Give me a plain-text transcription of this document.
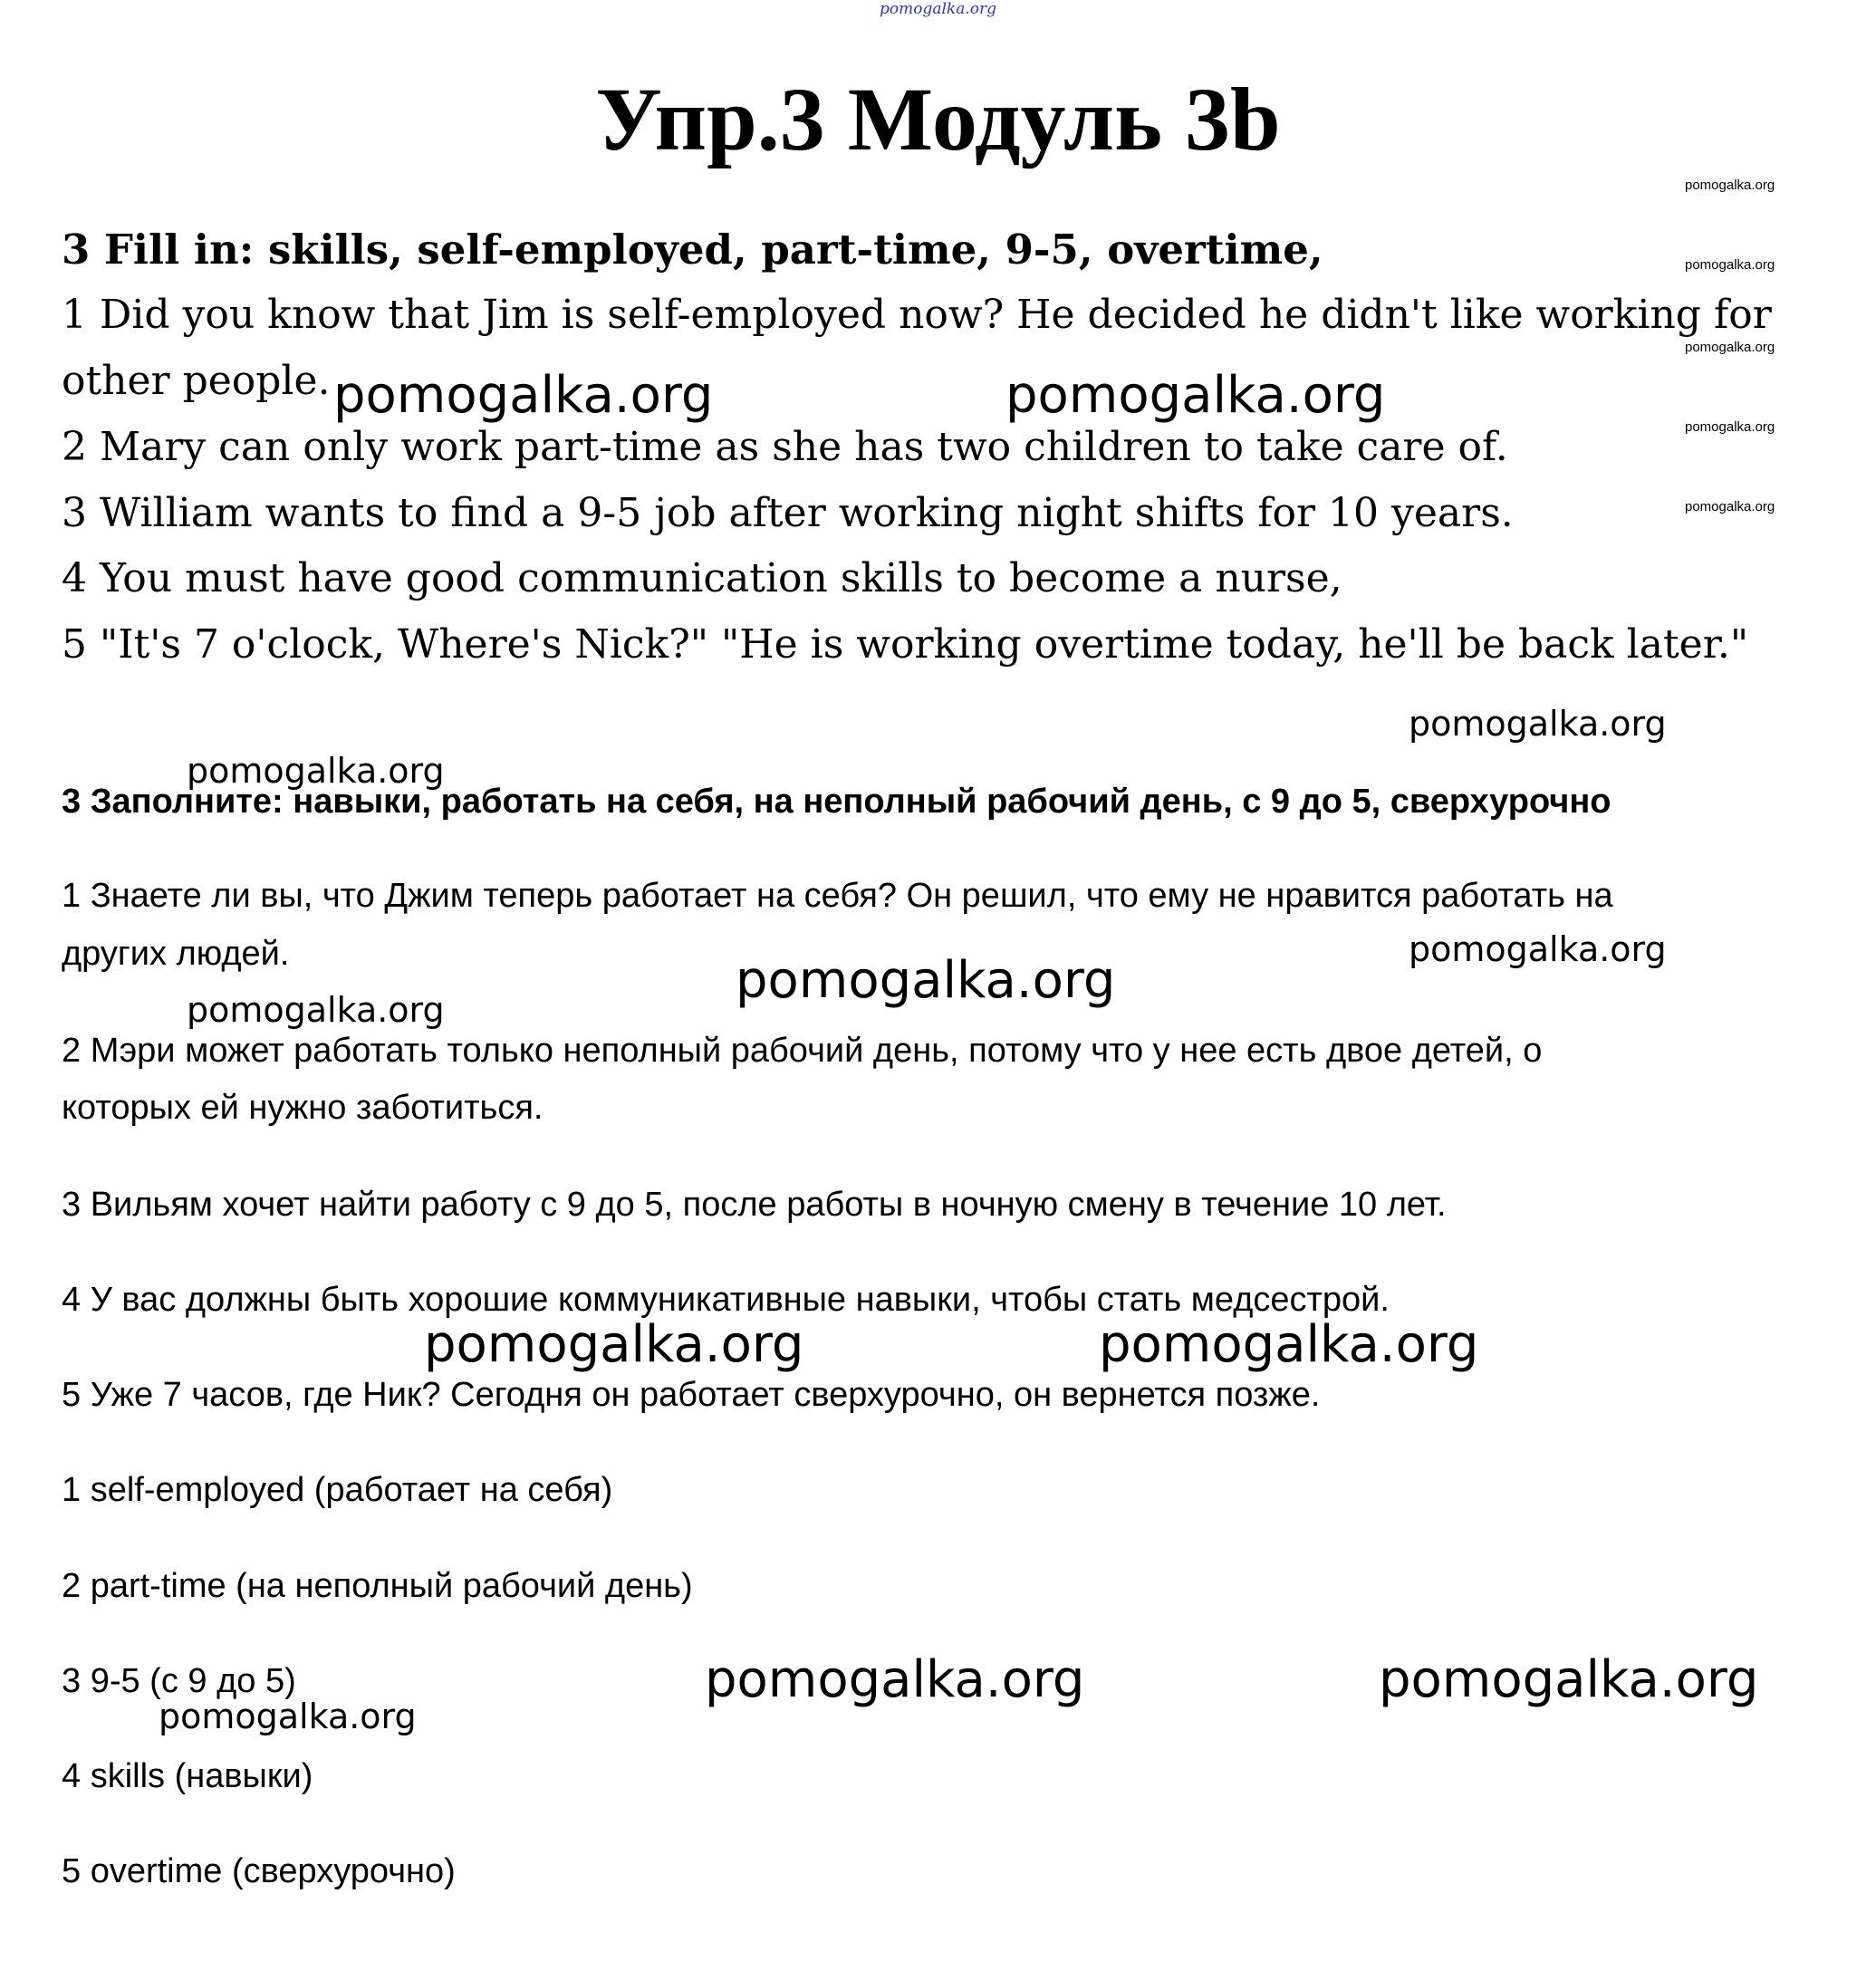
pomogalka.org
Упр.3 Модуль 3b
pomogalka.org
pomogalka.org
pomogalka.org
pomogalka.org
pomogalka.org
3 Fill in: skills, self-employed, part-time, 9-5, overtime,
1 Did you know that Jim is self-employed now? He decided he didn't like working for
other people.
2 Mary can only work part-time as she has two children to take care of.
3 William wants to find a 9-5 job after working night shifts for 10 years.
4 You must have good communication skills to become a nurse,
5 "It's 7 o'clock, Where's Nick?" "He is working overtime today, he'll be back later."
pomogalka.org	pomogalka.org
pomogalka.org
pomogalka.org
3 Заполните: навыки, работать на себя, на неполный рабочий день, с 9 до 5, сверхурочно
1 Знаете ли вы, что Джим теперь работает на себя? Он решил, что ему не нравится работать на
других людей.	pomogalka.org
pomogalka.org
pomogalka.org
2 Мэри может работать только неполный рабочий день, потому что у нее есть двое детей, о
которых ей нужно заботиться.
3 Вильям хочет найти работу с 9 до 5, после работы в ночную смену в течение 10 лет.
4 У вас должны быть хорошие коммуникативные навыки, чтобы стать медсестрой.
pomogalka.org	pomogalka.org
5 Уже 7 часов, где Ник? Сегодня он работает сверхурочно, он вернется позже.
1 self-employed (работает на себя)
2 part-time (на неполный рабочий день)
3 9-5 (с 9 до 5)	pomogalka.org	pomogalka.org
pomogalka.org
4 skills (навыки)
5 overtime (сверхурочно)
